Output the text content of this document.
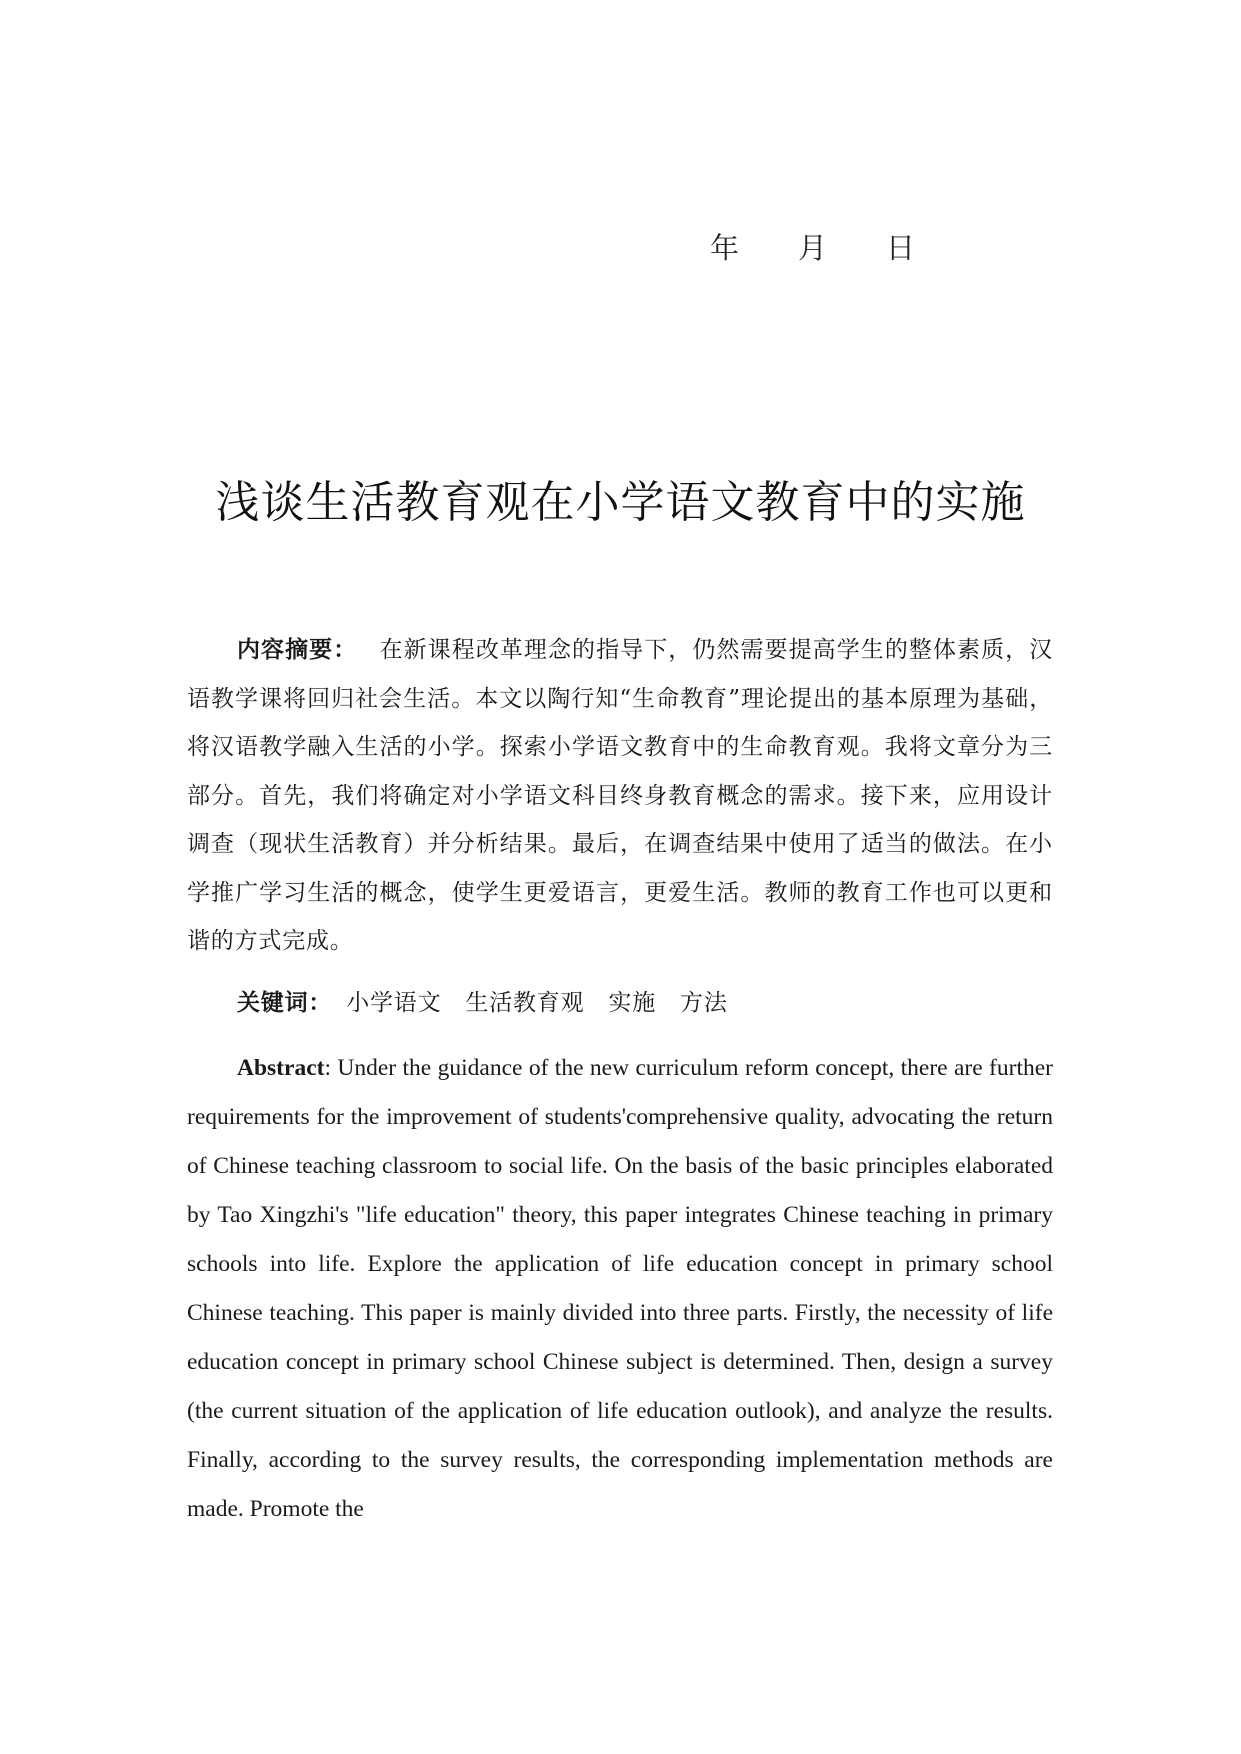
年 月 日
浅谈生活教育观在小学语文教育中的实施
内容摘要： 在新课程改革理念的指导下，仍然需要提高学生的整体素质，汉语教学课将回归社会生活。本文以陶行知“生命教育”理论提出的基本原理为基础，将汉语教学融入生活的小学。探索小学语文教育中的生命教育观。我将文章分为三部分。首先，我们将确定对小学语文科目终身教育概念的需求。接下来，应用设计调查（现状生活教育）并分析结果。最后，在调查结果中使用了适当的做法。在小学推广学习生活的概念，使学生更爱语言，更爱生活。教师的教育工作也可以更和谐的方式完成。
关键词： 小学语文 生活教育观 实施 方法
Abstract: Under the guidance of the new curriculum reform concept, there are further requirements for the improvement of students'comprehensive quality, advocating the return of Chinese teaching classroom to social life. On the basis of the basic principles elaborated by Tao Xingzhi's "life education" theory, this paper integrates Chinese teaching in primary schools into life. Explore the application of life education concept in primary school Chinese teaching. This paper is mainly divided into three parts. Firstly, the necessity of life education concept in primary school Chinese subject is determined. Then, design a survey (the current situation of the application of life education outlook), and analyze the results. Finally, according to the survey results, the corresponding implementation methods are made. Promote the
